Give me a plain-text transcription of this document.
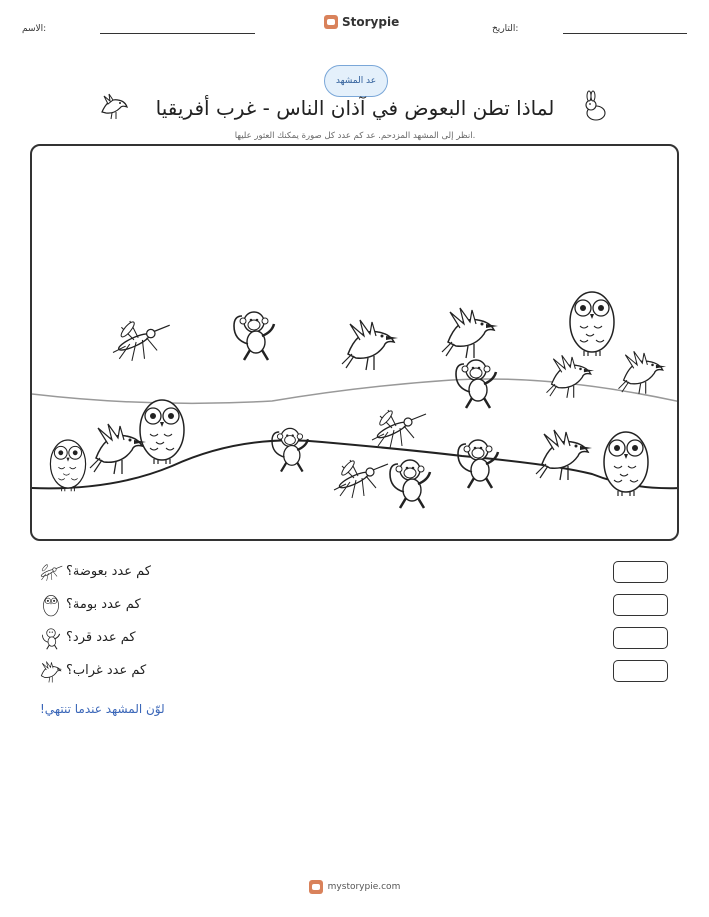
الاسم:	Storypie	التاريخ:
عد المشهد
لماذا تطن البعوض في آذان الناس - غرب أفريقيا
انظر إلى المشهد المزدحم. عد كم عدد كل صورة يمكنك العثور عليها.
كم عدد بعوضة؟
كم عدد بومة؟
كم عدد قرد؟
كم عدد غراب؟
لوّن المشهد عندما تنتهي!
mystorypie.com
